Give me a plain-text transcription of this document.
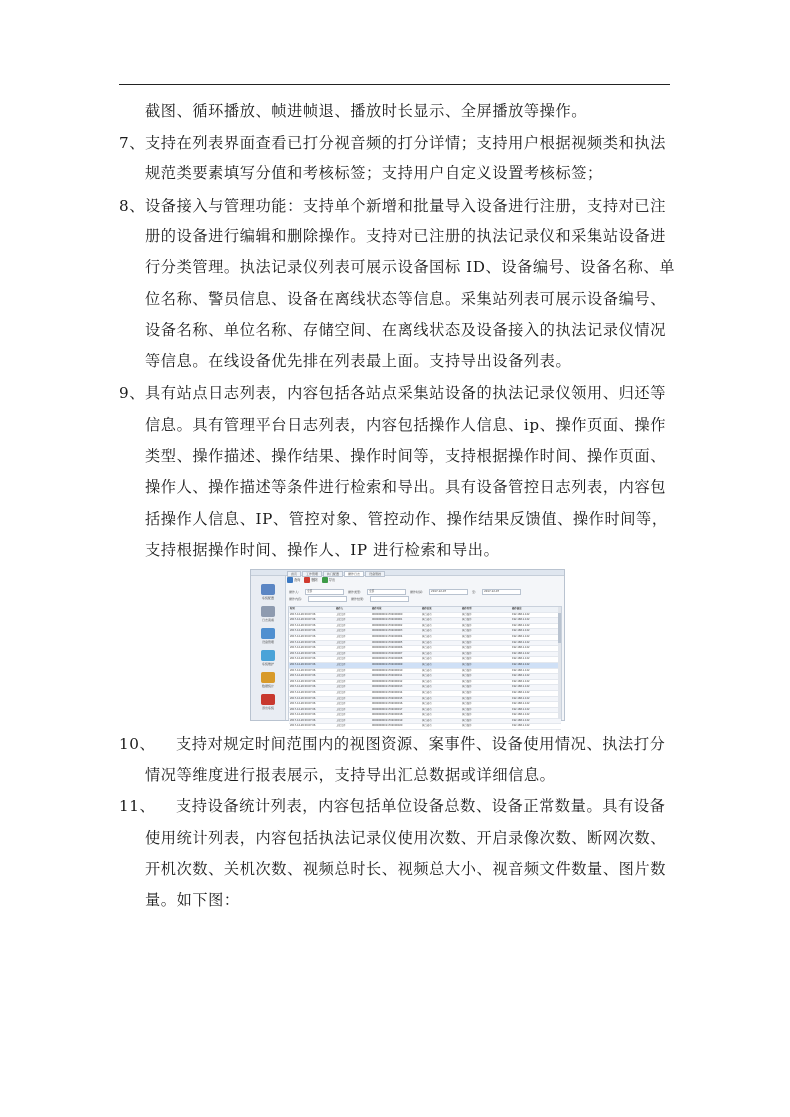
截图、循环播放、帧进帧退、播放时长显示、全屏播放等操作。
7、 支持在列表界面查看已打分视音频的打分详情；支持用户根据视频类和执法
规范类要素填写分值和考核标签；支持用户自定义设置考核标签；
8、 设备接入与管理功能：支持单个新增和批量导入设备进行注册，支持对已注
册的设备进行编辑和删除操作。支持对已注册的执法记录仪和采集站设备进
行分类管理。执法记录仪列表可展示设备国标 ID、设备编号、设备名称、单
位名称、警员信息、设备在离线状态等信息。采集站列表可展示设备编号、
设备名称、单位名称、存储空间、在离线状态及设备接入的执法记录仪情况
等信息。在线设备优先排在列表最上面。支持导出设备列表。
9、 具有站点日志列表，内容包括各站点采集站设备的执法记录仪领用、归还等
信息。具有管理平台日志列表，内容包括操作人信息、ip、操作页面、操作
类型、操作描述、操作结果、操作时间等，支持根据操作时间、操作页面、
操作人、操作描述等条件进行检索和导出。具有设备管控日志列表，内容包
括操作人信息、IP、管控对象、管控动作、操作结果反馈值、操作时间等，
支持根据操作时间、操作人、IP 进行检索和导出。
10、 支持对规定时间范围内的视图资源、案事件、设备使用情况、执法打分
情况等维度进行报表展示，支持导出汇总数据或详细信息。
11、 支持设备统计列表，内容包括单位设备总数、设备正常数量。具有设备
使用统计列表，内容包括执法记录仪使用次数、开启录像次数、断网次数、
开机次数、关机次数、视频总时长、视频总大小、视音频文件数量、图片数
量。如下图：
首页	工作管理	执门配置	操作日志	设备管控
系统配置
日志查看
设备管理
系统维护
数据统计
退出系统
查询	删除	导出
操作人：	全部	操作类型：	全部	操作时间：	2017-12-07	至：	2017-12-07
操作内容：	操作结果：
时间	操作人	操作对象	操作结果	操作类型	操作描述
2017-12-26 09:07:06	上报文件	00000000011702000000	执行成功	执行操作	192.168.1.122
2017-12-26 09:07:06	上报文件	00000000011702000001	执行成功	执行操作	192.168.1.122
2017-12-26 09:07:06	上报文件	00000000011702000002	执行成功	执行操作	192.168.1.122
2017-12-26 09:07:06	上报文件	00000000011702000003	执行成功	执行操作	192.168.1.122
2017-12-26 09:07:06	上报文件	00000000011702000004	执行成功	执行操作	192.168.1.122
2017-12-26 09:07:06	上报文件	00000000011702000005	执行成功	执行操作	192.168.1.122
2017-12-26 09:07:06	上报文件	00000000011702000006	执行成功	执行操作	192.168.1.122
2017-12-26 09:07:06	上报文件	00000000011702000007	执行成功	执行操作	192.168.1.122
2017-12-26 09:07:06	上报文件	00000000011702000008	执行成功	执行操作	192.168.1.122
2017-12-26 09:07:06	上报文件	00000000011702000009	执行成功	执行操作	192.168.1.122
2017-12-26 09:07:06	上报文件	00000000011702000010	执行成功	执行操作	192.168.1.122
2017-12-26 09:07:06	上报文件	00000000011702000011	执行成功	执行操作	192.168.1.122
2017-12-26 09:07:06	上报文件	00000000011702000012	执行成功	执行操作	192.168.1.122
2017-12-26 09:07:06	上报文件	00000000011702000013	执行成功	执行操作	192.168.1.122
2017-12-26 09:07:06	上报文件	00000000011702000014	执行成功	执行操作	192.168.1.122
2017-12-26 09:07:06	上报文件	00000000011702000015	执行成功	执行操作	192.168.1.122
2017-12-26 09:07:06	上报文件	00000000011702000016	执行成功	执行操作	192.168.1.122
2017-12-26 09:07:06	上报文件	00000000011702000017	执行成功	执行操作	192.168.1.122
2017-12-26 09:07:06	上报文件	00000000011702000018	执行成功	执行操作	192.168.1.122
2017-12-26 09:07:06	上报文件	00000000011702000019	执行成功	执行操作	192.168.1.122
2017-12-26 09:07:06	上报文件	00000000011702000020	执行成功	执行操作	192.168.1.122
